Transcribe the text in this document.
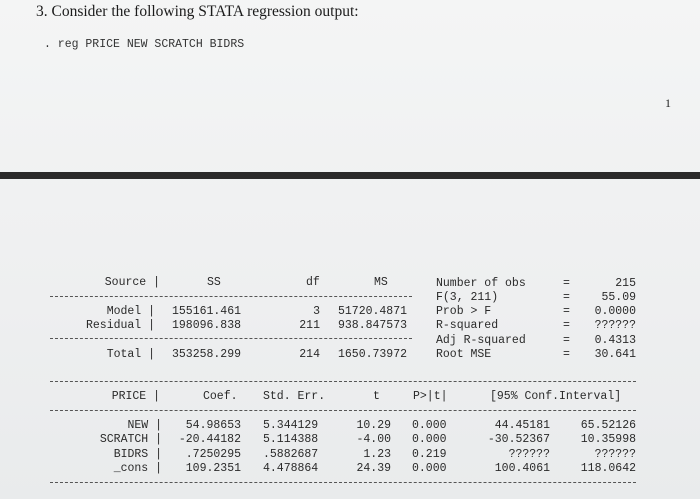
3. Consider the following STATA regression output:
. reg PRICE NEW SCRATCH BIDRS
1
Source |	SS	df	MS
Model | 155161.461	3 51720.4871
Residual | 198096.838	211 938.847573
Total | 353258.299	214 1650.73972
Number of obs	=	215
F(3, 211)	=	55.09
Prob > F	=	0.0000
R-squared	=	??????
Adj R-squared	=	0.4313
Root MSE	=	30.641
PRICE |	Coef. Std. Err.	t	P>|t|	[95% Conf.Interval]
NEW |	54.98653 5.344129	10.29 0.000	44.45181	65.52126
SCRATCH |	-20.44182 5.114388	-4.00 0.000	-30.52367	10.35998
BIDRS |	.7250295 .5882687	1.23 0.219	??????	??????
_cons |	109.2351 4.478864	24.39 0.000	100.4061	118.0642
